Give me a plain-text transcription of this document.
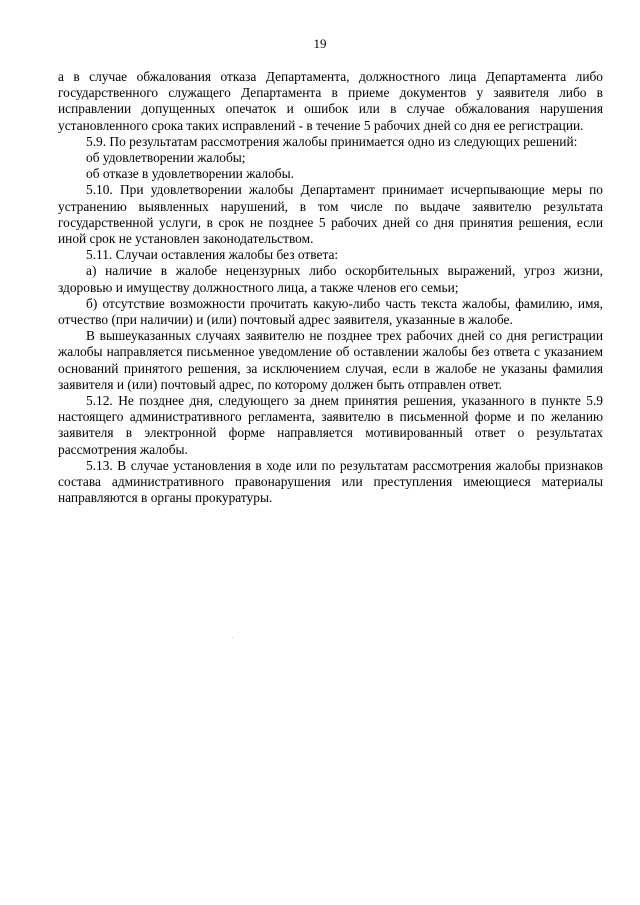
19

а в случае обжалования отказа Департамента, должностного лица Департамента либо государственного служащего Департамента в приеме документов у заявителя либо в исправлении допущенных опечаток и ошибок или в случае обжалования нарушения установленного срока таких исправлений - в течение 5 рабочих дней со дня ее регистрации.

5.9. По результатам рассмотрения жалобы принимается одно из следующих решений:

об удовлетворении жалобы;

об отказе в удовлетворении жалобы.

5.10. При удовлетворении жалобы Департамент принимает исчерпывающие меры по устранению выявленных нарушений, в том числе по выдаче заявителю результата государственной услуги, в срок не позднее 5 рабочих дней со дня принятия решения, если иной срок не установлен законодательством.

5.11. Случаи оставления жалобы без ответа:

а) наличие в жалобе нецензурных либо оскорбительных выражений, угроз жизни, здоровью и имуществу должностного лица, а также членов его семьи;

б) отсутствие возможности прочитать какую-либо часть текста жалобы, фамилию, имя, отчество (при наличии) и (или) почтовый адрес заявителя, указанные в жалобе.

В вышеуказанных случаях заявителю не позднее трех рабочих дней со дня регистрации жалобы направляется письменное уведомление об оставлении жалобы без ответа с указанием оснований принятого решения, за исключением случая, если в жалобе не указаны фамилия заявителя и (или) почтовый адрес, по которому должен быть отправлен ответ.

5.12. Не позднее дня, следующего за днем принятия решения, указанного в пункте 5.9 настоящего административного регламента, заявителю в письменной форме и по желанию заявителя в электронной форме направляется мотивированный ответ о результатах рассмотрения жалобы.

5.13. В случае установления в ходе или по результатам рассмотрения жалобы признаков состава административного правонарушения или преступления имеющиеся материалы направляются в органы прокуратуры.
